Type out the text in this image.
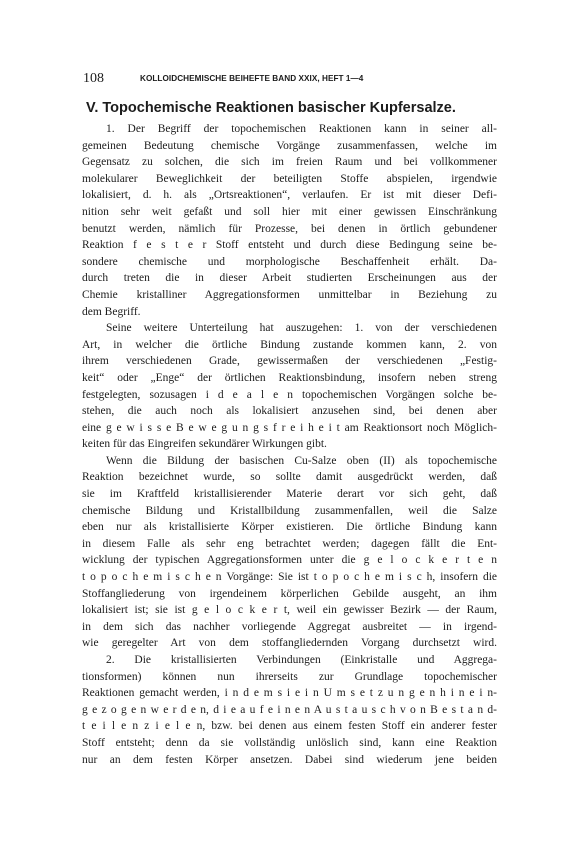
108	KOLLOIDCHEMISCHE BEIHEFTE BAND XXIX, HEFT 1—4
V. Topochemische Reaktionen basischer Kupfersalze.
1. Der Begriff der topochemischen Reaktionen kann in seiner all-
gemeinen Bedeutung chemische Vorgänge zusammenfassen, welche im
Gegensatz zu solchen, die sich im freien Raum und bei vollkommener
molekularer Beweglichkeit der beteiligten Stoffe abspielen, irgendwie
lokalisiert, d. h. als „Ortsreaktionen“, verlaufen. Er ist mit dieser Defi-
nition sehr weit gefaßt und soll hier mit einer gewissen Einschränkung
benutzt werden, nämlich für Prozesse, bei denen in örtlich gebundener
Reaktion f e s t e r Stoff entsteht und durch diese Bedingung seine be-
sondere chemische und morphologische Beschaffenheit erhält. Da-
durch treten die in dieser Arbeit studierten Erscheinungen aus der
Chemie kristalliner Aggregationsformen unmittelbar in Beziehung zu
dem Begriff.
Seine weitere Unterteilung hat auszugehen: 1. von der verschiedenen
Art, in welcher die örtliche Bindung zustande kommen kann, 2. von
ihrem verschiedenen Grade, gewissermaßen der verschiedenen „Festig-
keit“ oder „Enge“ der örtlichen Reaktionsbindung, insofern neben streng
festgelegten, sozusagen i d e a l e n topochemischen Vorgängen solche be-
stehen, die auch noch als lokalisiert anzusehen sind, bei denen aber
eine g e w i s s e B e w e g u n g s f r e i h e i t am Reaktionsort noch Möglich-
keiten für das Eingreifen sekundärer Wirkungen gibt.
Wenn die Bildung der basischen Cu-Salze oben (II) als topochemische
Reaktion bezeichnet wurde, so sollte damit ausgedrückt werden, daß
sie im Kraftfeld kristallisierender Materie derart vor sich geht, daß
chemische Bildung und Kristallbildung zusammenfallen, weil die Salze
eben nur als kristallisierte Körper existieren. Die örtliche Bindung kann
in diesem Falle als sehr eng betrachtet werden; dagegen fällt die Ent-
wicklung der typischen Aggregationsformen unter die g e l o c k e r t e n
t o p o c h e m i s c h e n Vorgänge: Sie ist t o p o c h e m i s c h, insofern die
Stoffangliederung von irgendeinem körperlichen Gebilde ausgeht, an ihm
lokalisiert ist; sie ist g e l o c k e r t, weil ein gewisser Bezirk — der Raum,
in dem sich das nachher vorliegende Aggregat ausbreitet — in irgend-
wie geregelter Art von dem stoffangliedernden Vorgang durchsetzt wird.
2. Die kristallisierten Verbindungen (Einkristalle und Aggrega-
tionsformen) können nun ihrerseits zur Grundlage topochemischer
Reaktionen gemacht werden, i n d e m s i e i n U m s e t z u n g e n h i n e i n-
g e z o g e n w e r d e n, d i e a u f e i n e n A u s t a u s c h v o n B e s t a n d-
t e i l e n z i e l e n, bzw. bei denen aus einem festen Stoff ein anderer fester
Stoff entsteht; denn da sie vollständig unlöslich sind, kann eine Reaktion
nur an dem festen Körper ansetzen. Dabei sind wiederum jene beiden
